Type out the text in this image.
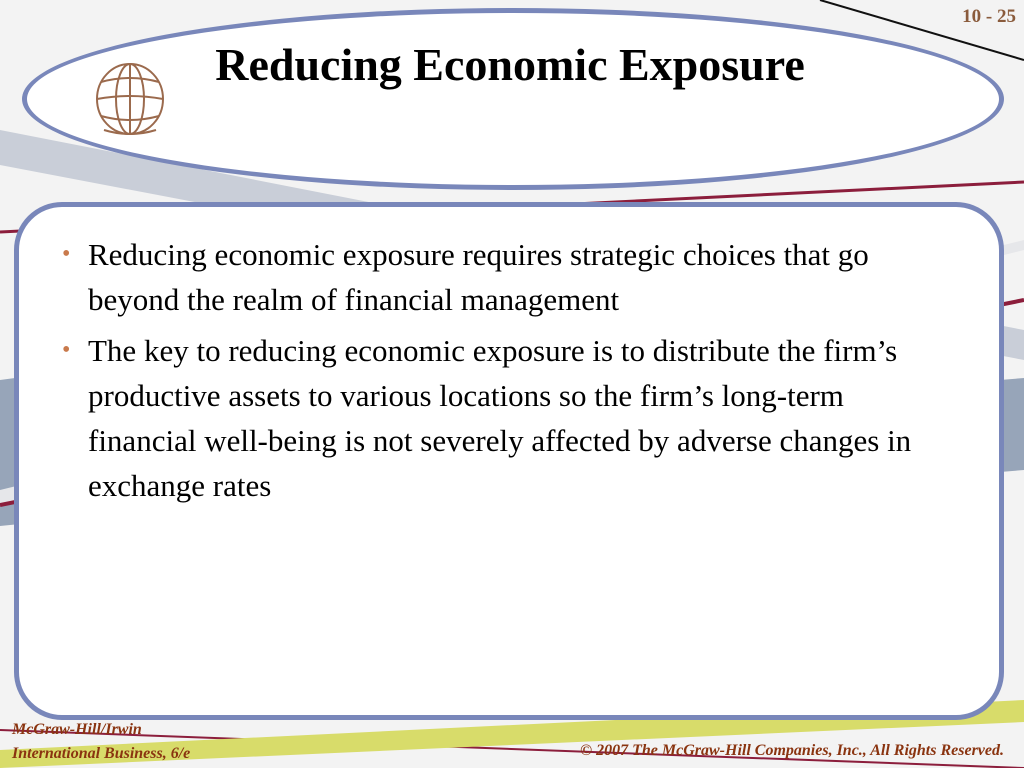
10 - 25
Reducing Economic Exposure
• Reducing economic exposure requires strategic choices that go beyond the realm of financial management
• The key to reducing economic exposure is to distribute the firm’s productive assets to various locations so the firm’s long-term financial well-being is not severely affected by adverse changes in exchange rates
McGraw-Hill/Irwin
International Business, 6/e	© 2007 The McGraw-Hill Companies, Inc., All Rights Reserved.
